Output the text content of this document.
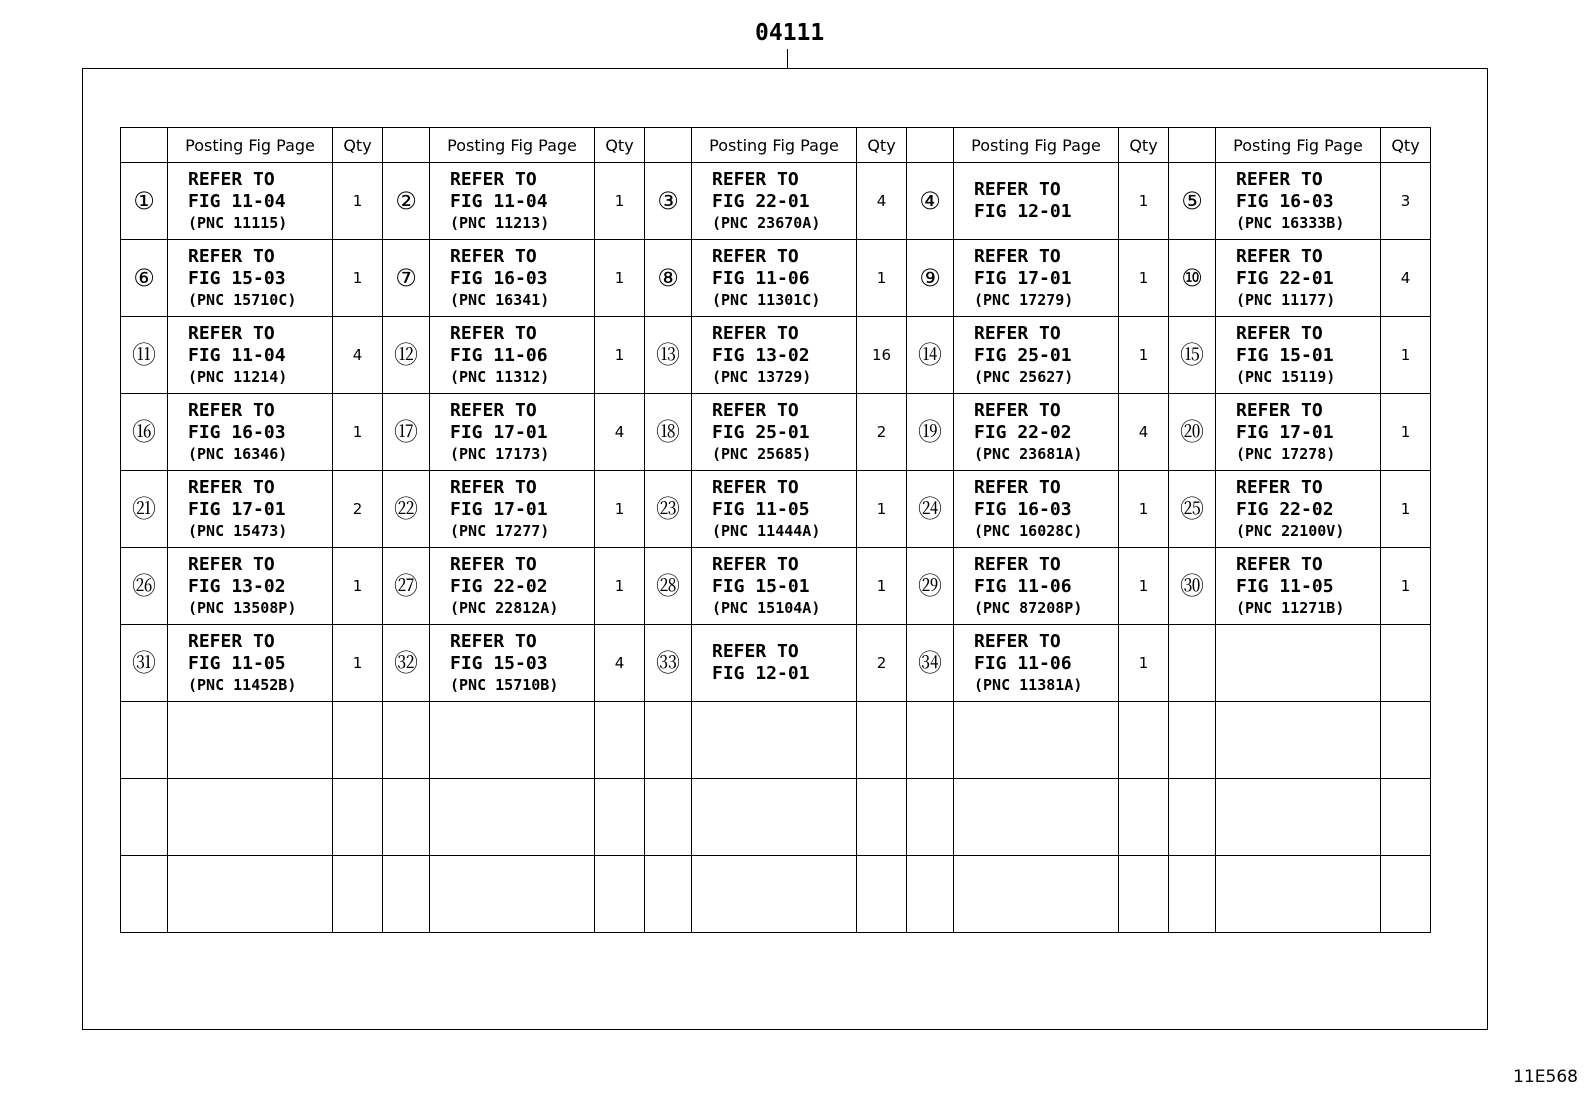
04111
	Posting Fig Page	Qty		Posting Fig Page	Qty		Posting Fig Page	Qty		Posting Fig Page	Qty		Posting Fig Page	Qty
①	REFER TO
FIG 11-04
(PNC 11115)	1	②	REFER TO
FIG 11-04
(PNC 11213)	1	③	REFER TO
FIG 22-01
(PNC 23670A)	4	④	REFER TO
FIG 12-01	1	⑤	REFER TO
FIG 16-03
(PNC 16333B)	3
⑥	REFER TO
FIG 15-03
(PNC 15710C)	1	⑦	REFER TO
FIG 16-03
(PNC 16341)	1	⑧	REFER TO
FIG 11-06
(PNC 11301C)	1	⑨	REFER TO
FIG 17-01
(PNC 17279)	1	⑩	REFER TO
FIG 22-01
(PNC 11177)	4
⑪	REFER TO
FIG 11-04
(PNC 11214)	4	⑫	REFER TO
FIG 11-06
(PNC 11312)	1	⑬	REFER TO
FIG 13-02
(PNC 13729)	16	⑭	REFER TO
FIG 25-01
(PNC 25627)	1	⑮	REFER TO
FIG 15-01
(PNC 15119)	1
⑯	REFER TO
FIG 16-03
(PNC 16346)	1	⑰	REFER TO
FIG 17-01
(PNC 17173)	4	⑱	REFER TO
FIG 25-01
(PNC 25685)	2	⑲	REFER TO
FIG 22-02
(PNC 23681A)	4	⑳	REFER TO
FIG 17-01
(PNC 17278)	1
㉑	REFER TO
FIG 17-01
(PNC 15473)	2	㉒	REFER TO
FIG 17-01
(PNC 17277)	1	㉓	REFER TO
FIG 11-05
(PNC 11444A)	1	㉔	REFER TO
FIG 16-03
(PNC 16028C)	1	㉕	REFER TO
FIG 22-02
(PNC 22100V)	1
㉖	REFER TO
FIG 13-02
(PNC 13508P)	1	㉗	REFER TO
FIG 22-02
(PNC 22812A)	1	㉘	REFER TO
FIG 15-01
(PNC 15104A)	1	㉙	REFER TO
FIG 11-06
(PNC 87208P)	1	㉚	REFER TO
FIG 11-05
(PNC 11271B)	1
㉛	REFER TO
FIG 11-05
(PNC 11452B)	1	㉜	REFER TO
FIG 15-03
(PNC 15710B)	4	㉝	REFER TO
FIG 12-01	2	㉞	REFER TO
FIG 11-06
(PNC 11381A)	1			

11E568
